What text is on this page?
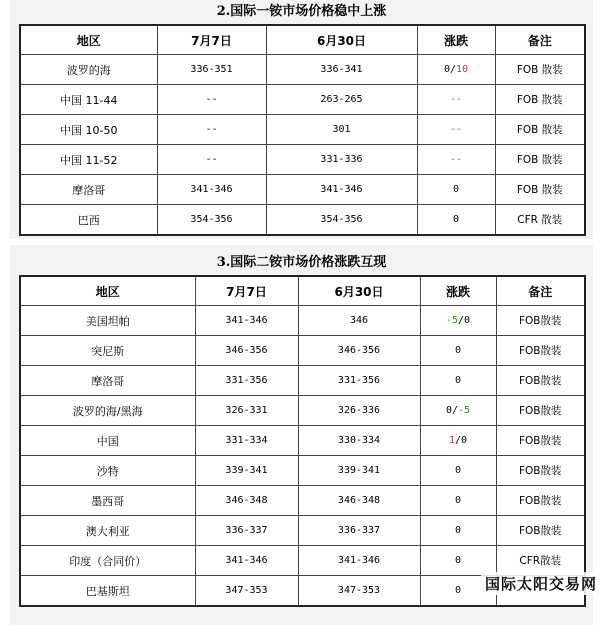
2.国际一铵市场价格稳中上涨
地区	7月7日	6月30日	涨跌	备注
波罗的海	336-351	336-341	0/10	FOB 散装
中国 11-44	--	263-265	--	FOB 散装
中国 10-50	--	301	--	FOB 散装
中国 11-52	--	331-336	--	FOB 散装
摩洛哥	341-346	341-346	0	FOB 散装
巴西	354-356	354-356	0	CFR 散装
3.国际二铵市场价格涨跌互现
地区	7月7日	6月30日	涨跌	备注
美国坦帕	341-346	346	-5/0	FOB散装
突尼斯	346-356	346-356	0	FOB散装
摩洛哥	331-356	331-356	0	FOB散装
波罗的海/黑海	326-331	326-336	0/-5	FOB散装
中国	331-334	330-334	1/0	FOB散装
沙特	339-341	339-341	0	FOB散装
墨西哥	346-348	346-348	0	FOB散装
澳大利亚	336-337	336-337	0	FOB散装
印度（合同价）	341-346	341-346	0	CFR散装
巴基斯坦	347-353	347-353	0	国际太阳交易网
